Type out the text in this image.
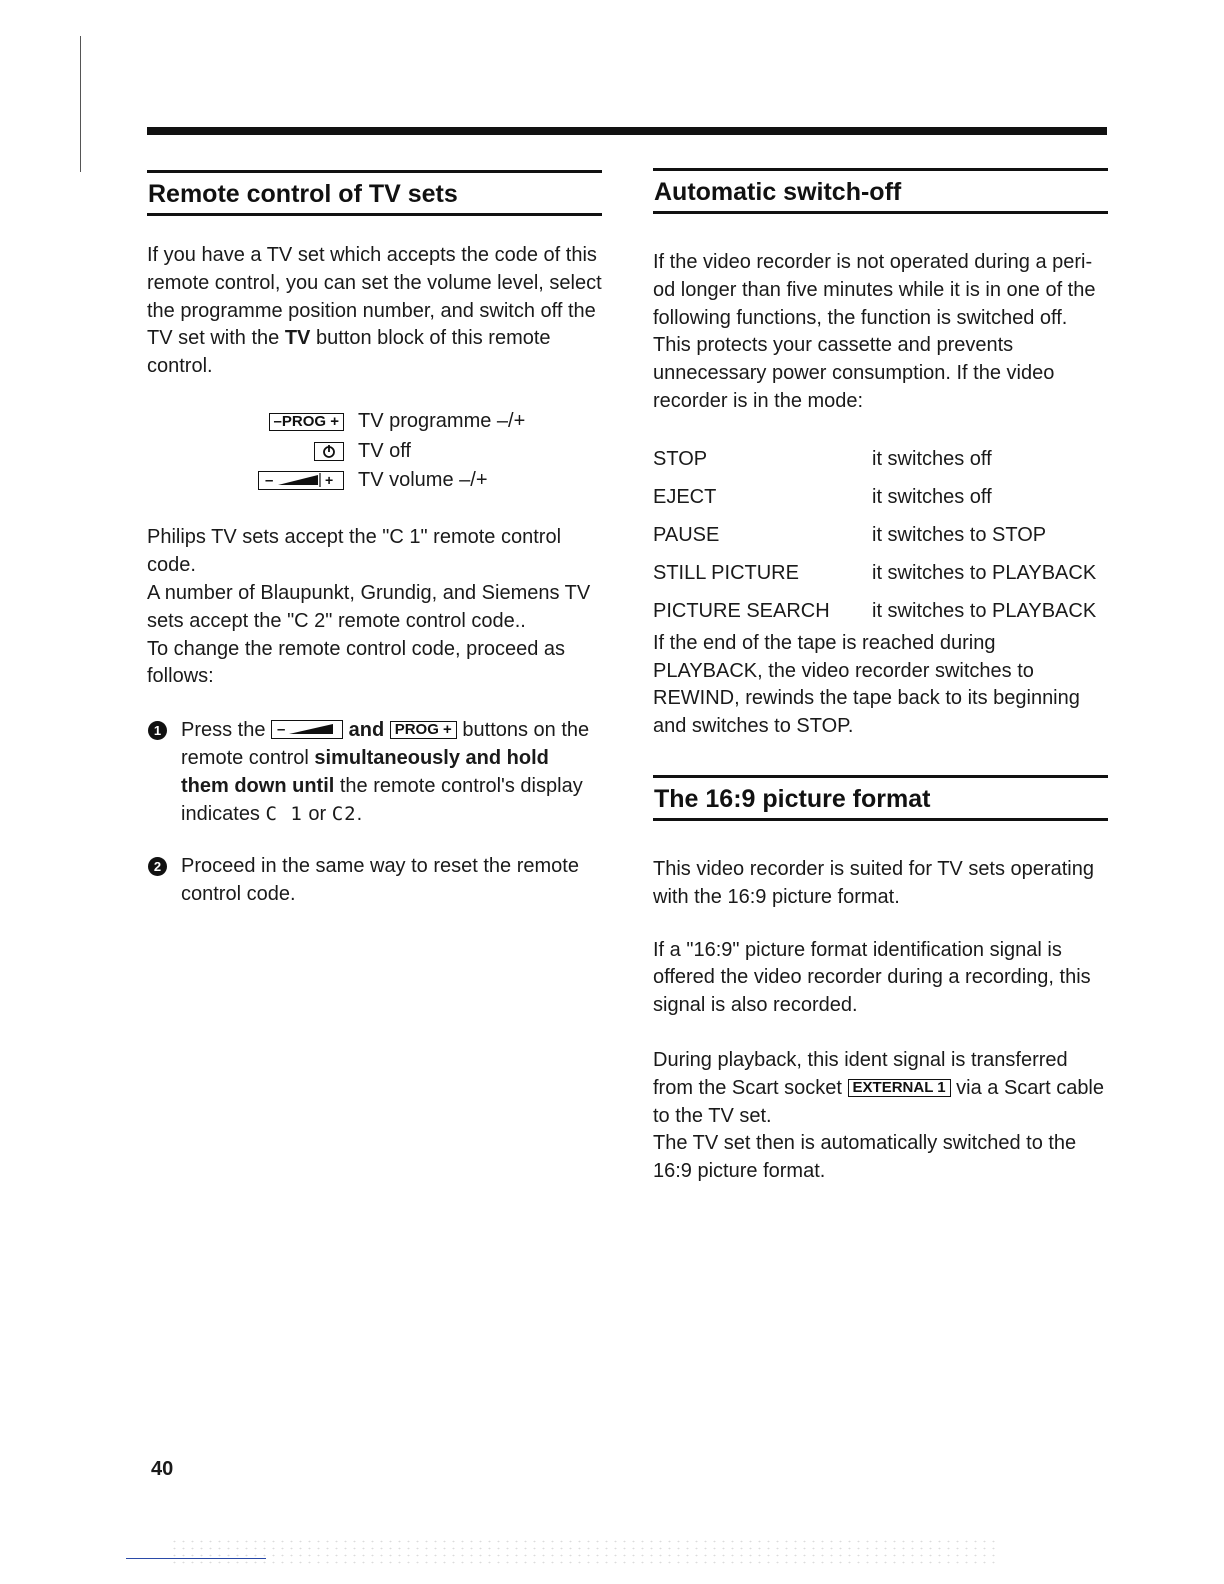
Remote control of TV sets

If you have a TV set which accepts the code of this remote control, you can set the volume level, select the programme position number, and switch off the TV set with the TV button block of this remote control.

–PROG + TV programme –/+
TV off
–	+ TV volume –/+

Philips TV sets accept the "C 1" remote control code.

A number of Blaupunkt, Grundig, and Siemens TV sets accept the "C 2" remote control code..

To change the remote control code, proceed as follows:

1 Press the –	and PROG + buttons on the remote control simultaneously and hold them down until the remote control's display indicates C 1 or C2.
2 Proceed in the same way to reset the remote control code.
Automatic switch-off

If the video recorder is not operated during a peri-od longer than five minutes while it is in one of the following functions, the function is switched off. This protects your cassette and prevents unnecessary power consumption. If the video recorder is in the mode:

STOP	it switches off
EJECT	it switches off
PAUSE	it switches to STOP
STILL PICTURE	it switches to PLAYBACK
PICTURE SEARCH	it switches to PLAYBACK

If the end of the tape is reached during PLAYBACK, the video recorder switches to REWIND, rewinds the tape back to its beginning and switches to STOP.

The 16:9 picture format

This video recorder is suited for TV sets operating with the 16:9 picture format.

If a "16:9" picture format identification signal is offered the video recorder during a recording, this signal is also recorded.

During playback, this ident signal is transferred from the Scart socket EXTERNAL 1 via a Scart cable to the TV set.

The TV set then is automatically switched to the 16:9 picture format.

40
